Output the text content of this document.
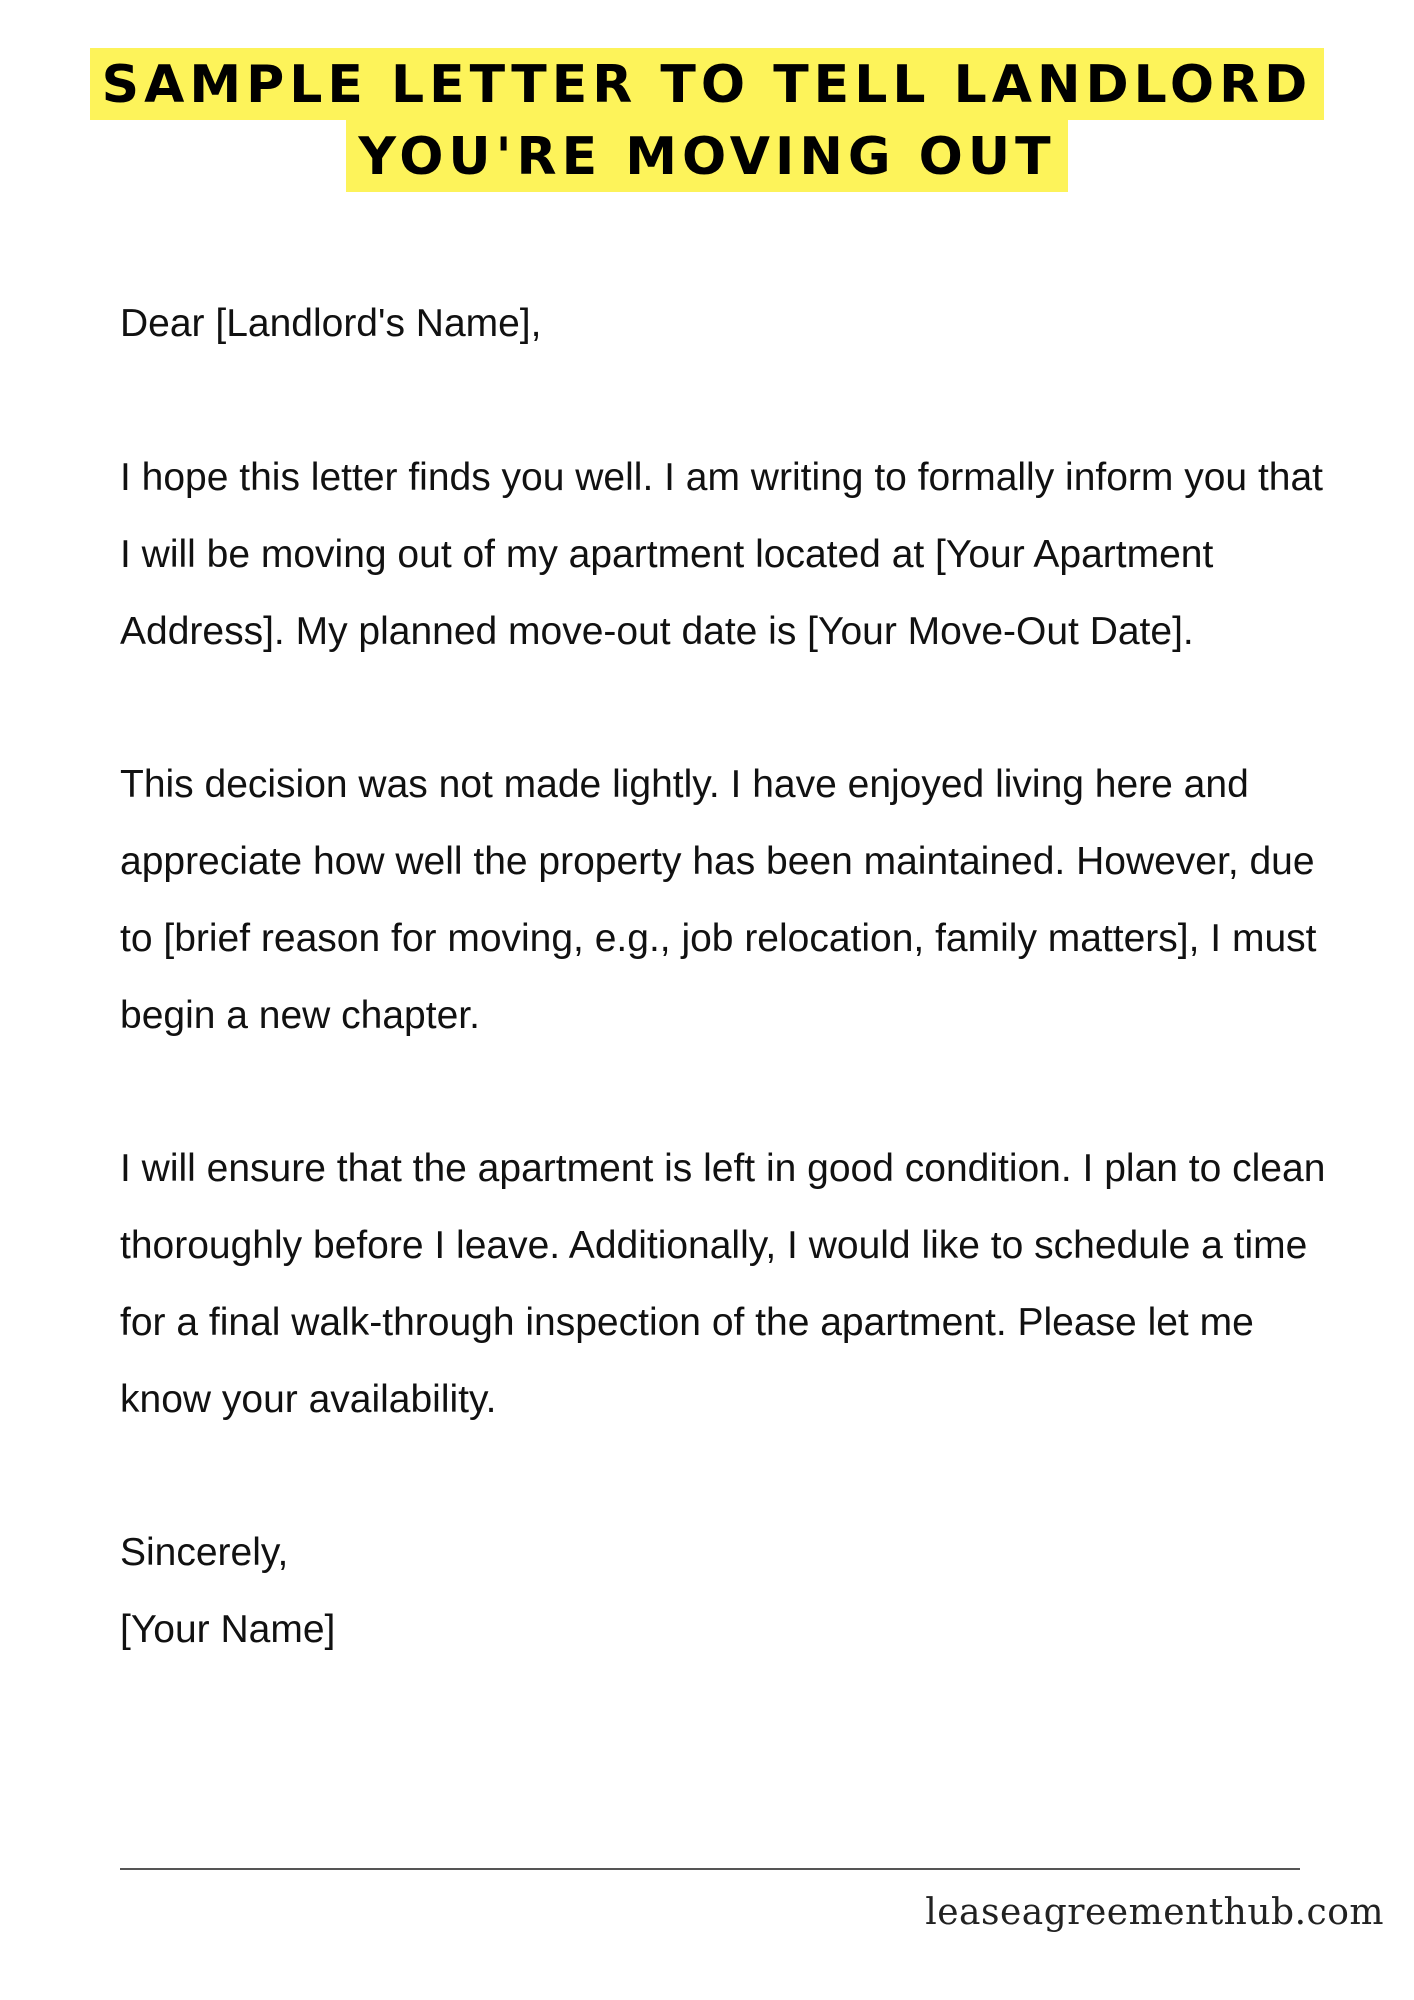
SAMPLE LETTER TO TELL LANDLORD
YOU'RE MOVING OUT

Dear [Landlord's Name],

I hope this letter finds you well. I am writing to formally inform you that I will be moving out of my apartment located at [Your Apartment Address]. My planned move-out date is [Your Move-Out Date].

This decision was not made lightly. I have enjoyed living here and appreciate how well the property has been maintained. However, due to [brief reason for moving, e.g., job relocation, family matters], I must begin a new chapter.

I will ensure that the apartment is left in good condition. I plan to clean thoroughly before I leave. Additionally, I would like to schedule a time for a final walk-through inspection of the apartment. Please let me know your availability.

Sincerely,

[Your Name]

leaseagreementhub.com
